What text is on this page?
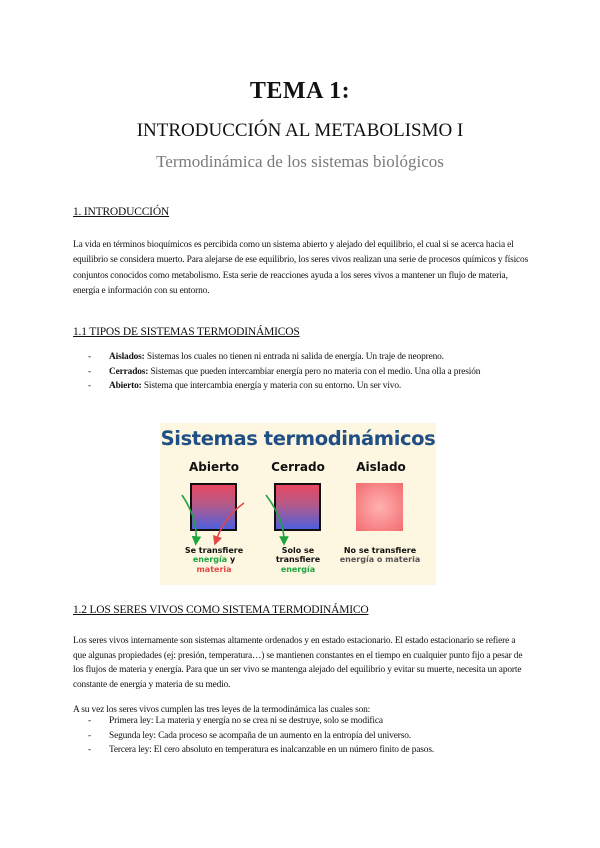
TEMA 1:
INTRODUCCIÓN AL METABOLISMO I
Termodinámica de los sistemas biológicos
1. INTRODUCCIÓN
La vida en términos bioquímicos es percibida como un sistema abierto y alejado del equilibrio, el cual si se acerca hacia el equilibrio se considera muerto. Para alejarse de ese equilibrio, los seres vivos realizan una serie de procesos químicos y físicos conjuntos conocidos como metabolismo. Esta serie de reacciones ayuda a los seres vivos a mantener un flujo de materia, energía e información con su entorno.
1.1 TIPOS DE SISTEMAS TERMODINÁMICOS
- Aislados: Sistemas los cuales no tienen ni entrada ni salida de energía. Un traje de neopreno.
- Cerrados: Sistemas que pueden intercambiar energía pero no materia con el medio. Una olla a presión
- Abierto: Sistema que intercambia energía y materia con su entorno. Un ser vivo.
Sistemas termodinámicos
Abierto	Cerrado	Aislado
Se transfiere
energía y
materia
Solo se
transfiere
energía
No se transfiere
energía o materia
1.2 LOS SERES VIVOS COMO SISTEMA TERMODINÁMICO
Los seres vivos internamente son sistemas altamente ordenados y en estado estacionario. El estado estacionario se refiere a que algunas propiedades (ej: presión, temperatura…) se mantienen constantes en el tiempo en cualquier punto fijo a pesar de los flujos de materia y energía. Para que un ser vivo se mantenga alejado del equilibrio y evitar su muerte, necesita un aporte constante de energía y materia de su medio.
A su vez los seres vivos cumplen las tres leyes de la termodinámica las cuales son:
- Primera ley: La materia y energía no se crea ni se destruye, solo se modifica
- Segunda ley: Cada proceso se acompaña de un aumento en la entropía del universo.
- Tercera ley: El cero absoluto en temperatura es inalcanzable en un número finito de pasos.
